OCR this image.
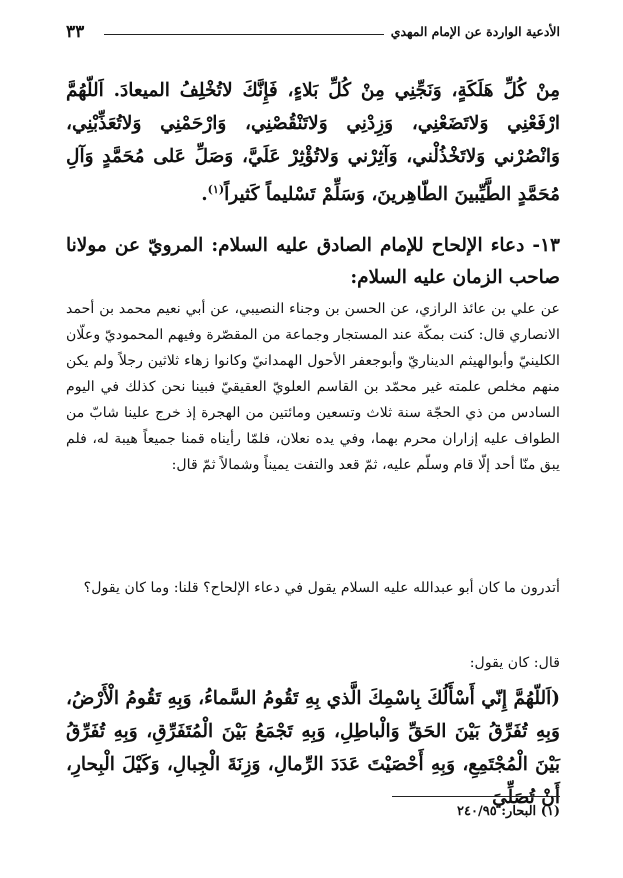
٣٣	الأدعية الواردة عن الإمام المهدي
مِنْ كُلِّ هَلَكَةٍ، وَنَجِّنِي مِنْ كُلِّ بَلاءٍ، فَإِنَّكَ لاتُخْلِفُ الميعادَ. اَللّهُمَّ ارْفَعْنِي وَلاتَضَعْنِي، وَزِدْنِي وَلاتَنْقُصْنِي، وَارْحَمْنِي وَلاتُعَذِّبْنِي، وَانْصُرْني وَلاتَخْذُلْني، وَآثِرْني وَلاتُؤْثِرْ عَلَيَّ، وَصَلِّ عَلى مُحَمَّدٍ وَآلِ مُحَمَّدٍ الطَّيِّبينَ الطّاهِرينَ، وَسَلِّمْ تَسْليماً كَثيراً$^{(١)}$.
١٣- دعاء الإلحاح للإمام الصادق عليه السلام: المرويّ عن مولانا صاحب الزمان عليه السلام:
عن علي بن عائذ الرازي، عن الحسن بن وجناء النصيبي، عن أبي نعيم محمد بن أحمد الانصاري قال: كنت بمكّة عند المستجار وجماعة من المقصّرة وفيهم المحموديّ وعلّان الكلينيّ وأبوالهيثم الديناريّ وأبوجعفر الأحول الهمدانيّ وكانوا زهاء ثلاثين رجلاً ولم يكن منهم مخلص علمته غير محمّد بن القاسم العلويّ العقيقيّ فبينا نحن كذلك في اليوم السادس من ذي الحجّة سنة ثلاث وتسعين ومائتين من الهجرة إذ خرج علينا شابّ من الطواف عليه إزاران محرم بهما، وفي يده نعلان، فلمّا رأيناه قمنا جميعاً هيبة له، فلم يبق منّا أحد إلّا قام وسلّم عليه، ثمّ قعد والتفت يميناً وشمالاً ثمّ قال:
أتدرون ما كان أبو عبدالله عليه السلام يقول في دعاء الإلحاح؟ قلنا: وما كان يقول؟
قال: كان يقول:
(اَللّهُمَّ إِنّي أَسْأَلُكَ بِاسْمِكَ الَّذي بِهِ تَقُومُ السَّماءُ، وَبِهِ تَقُومُ الْأَرْضُ، وَبِهِ تُفَرِّقُ بَيْنَ الحَقِّ وَالْباطِلِ، وَبِهِ تَجْمَعُ بَيْنَ الْمُتَفَرِّقِ، وَبِهِ تُفَرِّقُ بَيْنَ الْمُجْتَمِعِ، وَبِهِ أَحْصَيْتَ عَدَدَ الرِّمالِ، وَزِنَةَ الْجِبالِ، وَكَيْلَ الْبِحارِ، أَنْ تُصَلِّيَ
(١) البحار: ٢٤٠/٩٥
